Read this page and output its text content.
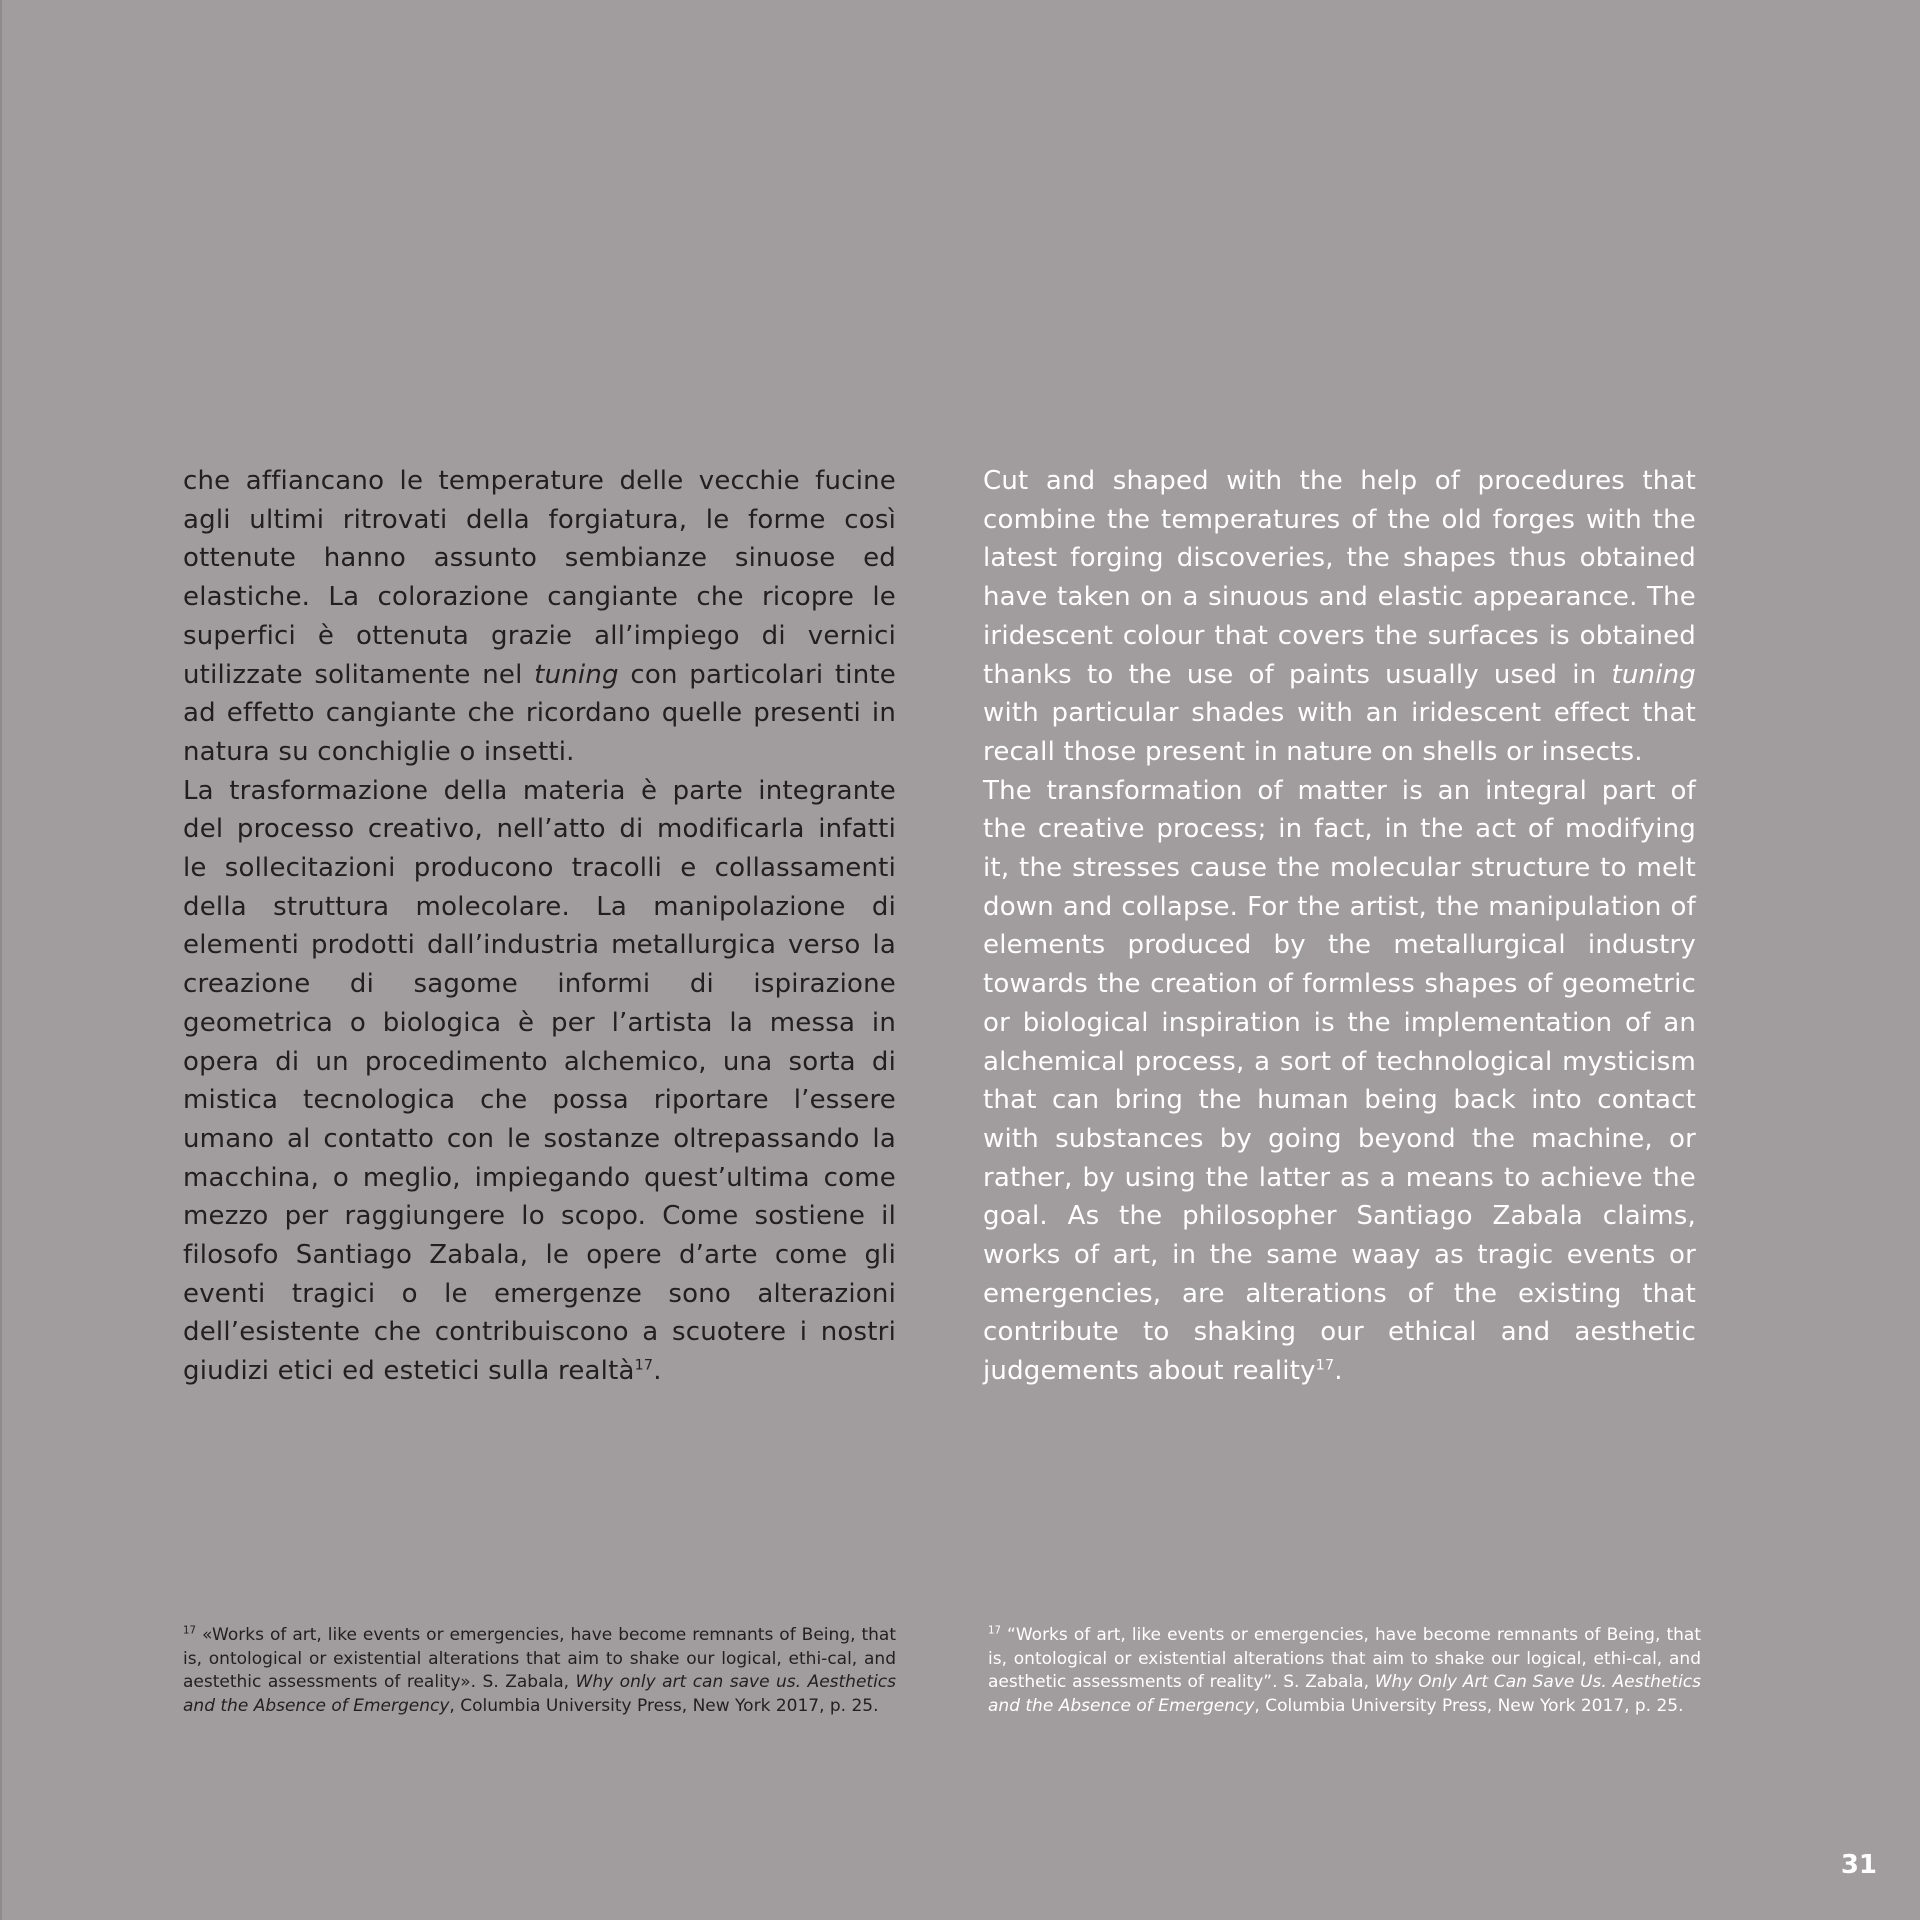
che affiancano le temperature delle vecchie fucine agli ultimi ritrovati della forgiatura, le forme così ottenute hanno assunto sembianze sinuose ed elastiche. La colorazione cangiante che ricopre le superfici è ottenuta grazie all’impiego di vernici utilizzate solitamente nel tuning con particolari tinte ad effetto cangiante che ricordano quelle presenti in natura su conchiglie o insetti.

La trasformazione della materia è parte integrante del processo creativo, nell’atto di modificarla infatti le sollecitazioni producono tracolli e collassamenti della struttura molecolare. La manipolazione di elementi prodotti dall’industria metallurgica verso la creazione di sagome informi di ispirazione geometrica o biologica è per l’artista la messa in opera di un procedimento alchemico, una sorta di mistica tecnologica che possa riportare l’essere umano al contatto con le sostanze oltrepassando la macchina, o meglio, impiegando quest’ultima come mezzo per raggiungere lo scopo. Come sostiene il filosofo Santiago Zabala, le opere d’arte come gli eventi tragici o le emergenze sono alterazioni dell’esistente che contribuiscono a scuotere i nostri giudizi etici ed estetici sulla realtà$^{17}$.

Cut and shaped with the help of procedures that combine the temperatures of the old forges with the latest forging discoveries, the shapes thus obtained have taken on a sinuous and elastic appearance. The iridescent colour that covers the surfaces is obtained thanks to the use of paints usually used in tuning with particular shades with an iridescent effect that recall those present in nature on shells or insects.

The transformation of matter is an integral part of the creative process; in fact, in the act of modifying it, the stresses cause the molecular structure to melt down and collapse. For the artist, the manipulation of elements produced by the metallurgical industry towards the creation of formless shapes of geometric or biological inspiration is the implementation of an alchemical process, a sort of technological mysticism that can bring the human being back into contact with substances by going beyond the machine, or rather, by using the latter as a means to achieve the goal. As the philosopher Santiago Zabala claims, works of art, in the same waay as tragic events or emergencies, are alterations of the existing that contribute to shaking our ethical and aesthetic judgements about reality$^{17}$.

$^{17}$ «Works of art, like events or emergencies, have become remnants of Being, that is, ontological or existential alterations that aim to shake our logical, ethi-cal, and aestethic assessments of reality». S. Zabala, Why only art can save us. Aesthetics and the Absence of Emergency, Columbia University Press, New York 2017, p. 25.
$^{17}$ “Works of art, like events or emergencies, have become remnants of Being, that is, ontological or existential alterations that aim to shake our logical, ethi-cal, and aesthetic assessments of reality”. S. Zabala, Why Only Art Can Save Us. Aesthetics and the Absence of Emergency, Columbia University Press, New York 2017, p. 25.
31
